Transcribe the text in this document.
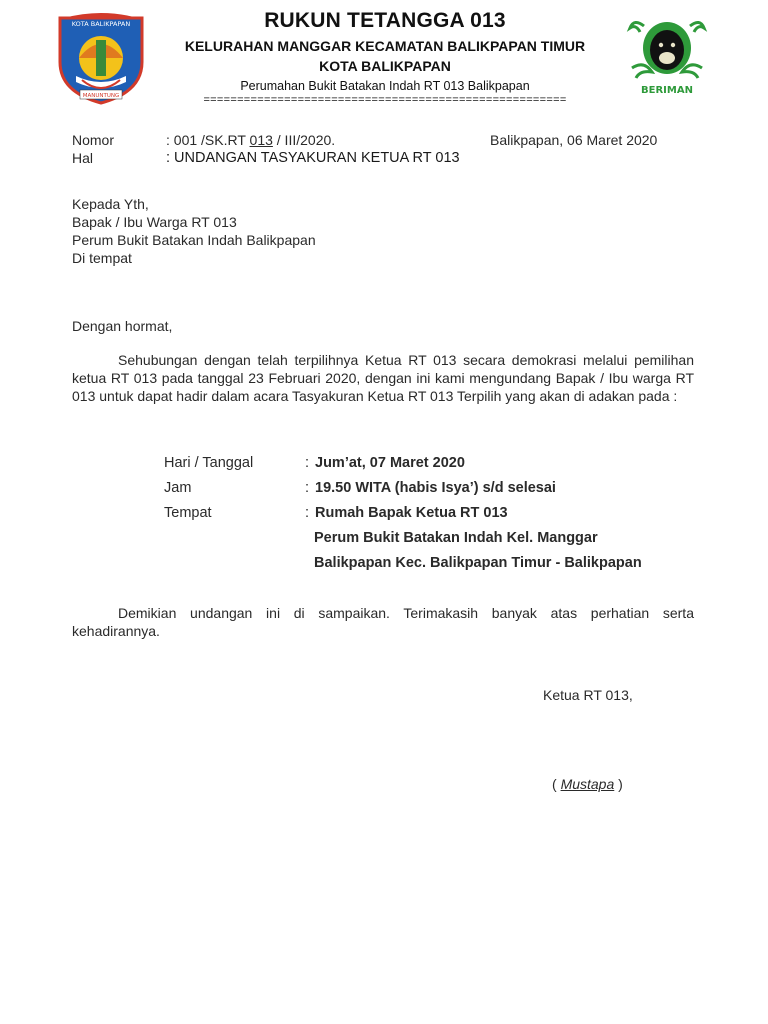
KOTA BALIKPAPAN
MANUNTUNG	BERIMAN
RUKUN TETANGGA 013
KELURAHAN MANGGAR KECAMATAN BALIKPAPAN TIMUR
KOTA BALIKPAPAN
Perumahan Bukit Batakan Indah RT 013 Balikpapan
======================================================
Nomor	: 001 /SK.RT 013 / III/2020.	Balikpapan, 06 Maret 2020
Hal	: UNDANGAN TASYAKURAN KETUA RT 013
Kepada Yth,
Bapak / Ibu Warga RT 013
Perum Bukit Batakan Indah Balikpapan
Di tempat
Dengan hormat,
Sehubungan dengan telah terpilihnya Ketua RT 013 secara demokrasi melalui pemilihan ketua RT 013 pada tanggal 23 Februari 2020, dengan ini kami mengundang Bapak / Ibu warga RT 013 untuk dapat hadir dalam acara Tasyakuran Ketua RT 013 Terpilih yang akan di adakan pada :
Hari / Tanggal	: Jum’at, 07 Maret 2020
Jam	: 19.50 WITA (habis Isya’) s/d selesai
Tempat	: Rumah Bapak Ketua RT 013
Perum Bukit Batakan Indah Kel. Manggar
Balikpapan Kec. Balikpapan Timur - Balikpapan
Demikian undangan ini di sampaikan. Terimakasih banyak atas perhatian serta kehadirannya.
Ketua RT 013,
( Mustapa )
